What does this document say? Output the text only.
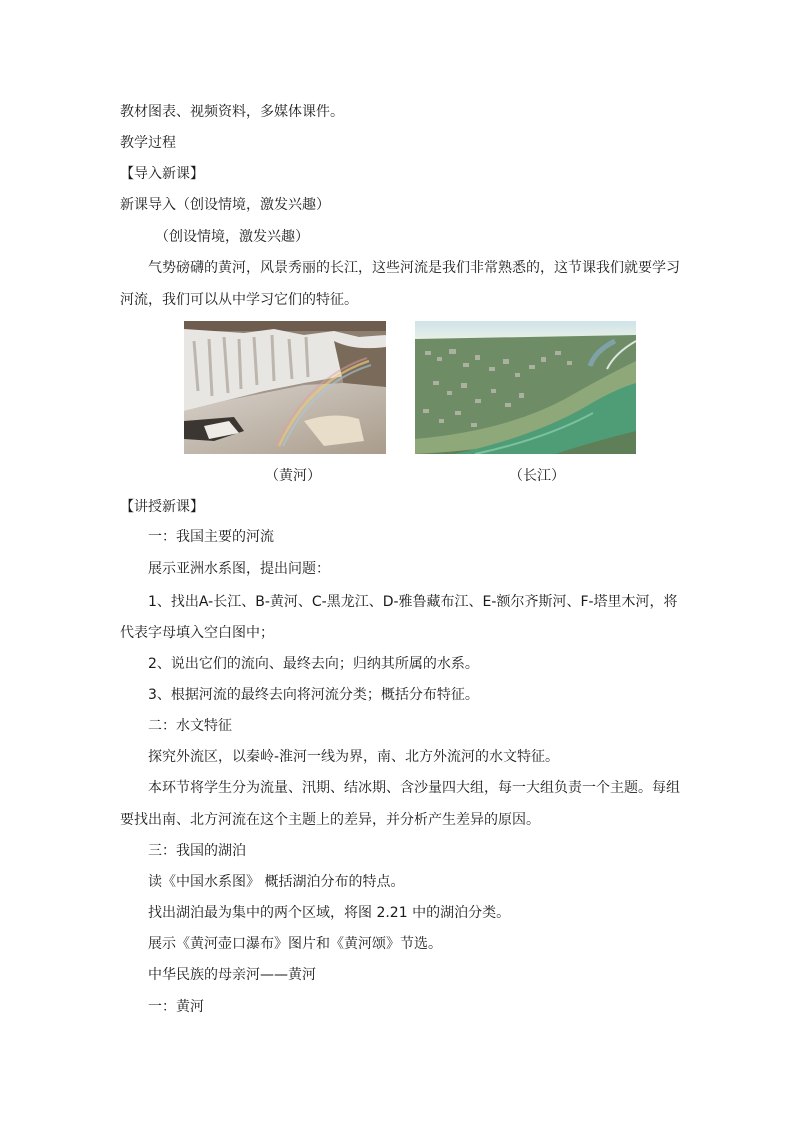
教材图表、视频资料，多媒体课件。
教学过程
【导入新课】
新课导入（创设情境，激发兴趣）
（创设情境，激发兴趣）
气势磅礴的黄河，风景秀丽的长江，这些河流是我们非常熟悉的，这节课我们就要学习
河流，我们可以从中学习它们的特征。
（黄河）	（长江）
【讲授新课】
一：我国主要的河流
展示亚洲水系图，提出问题：
1、找出A-长江、B-黄河、C-黑龙江、D-雅鲁藏布江、E-额尔齐斯河、F-塔里木河，将
代表字母填入空白图中；
2、说出它们的流向、最终去向；归纳其所属的水系。
3、根据河流的最终去向将河流分类；概括分布特征。
二：水文特征
探究外流区，以秦岭-淮河一线为界，南、北方外流河的水文特征。
本环节将学生分为流量、汛期、结冰期、含沙量四大组，每一大组负责一个主题。每组
要找出南、北方河流在这个主题上的差异，并分析产生差异的原因。
三：我国的湖泊
读《中国水系图》 概括湖泊分布的特点。
找出湖泊最为集中的两个区域，将图 2.21 中的湖泊分类。
展示《黄河壶口瀑布》图片和《黄河颂》节选。
中华民族的母亲河——黄河
一：黄河
